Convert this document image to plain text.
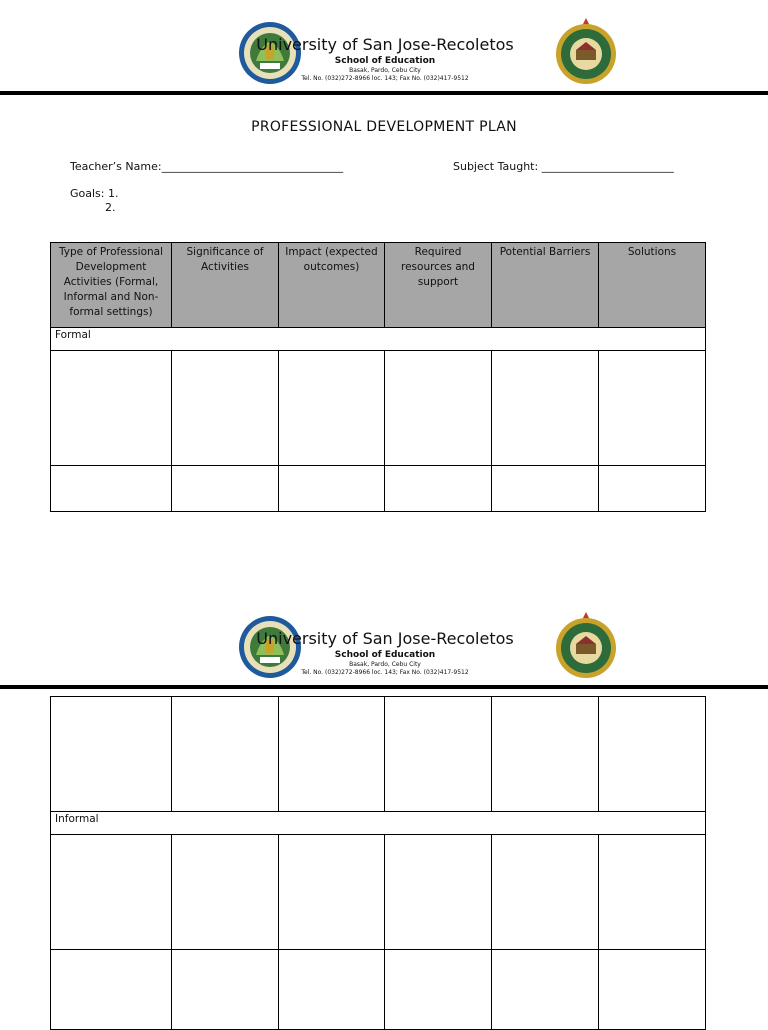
University of San Jose-Recoletos
School of Education
Basak, Pardo, Cebu City
Tel. No. (032)272-8966 loc. 143; Fax No. (032)417-9512
PROFESSIONAL DEVELOPMENT PLAN
Teacher’s Name:_________________________________	Subject Taught: ________________________
Goals: 1.
2.
Type of Professional Development Activities (Formal, Informal and Non-formal settings)	Significance of Activities	Impact (expected outcomes)	Required resources and support	Potential Barriers	Solutions
Formal					

University of San Jose-Recoletos
School of Education
Basak, Pardo, Cebu City
Tel. No. (032)272-8966 loc. 143; Fax No. (032)417-9512

Informal					
